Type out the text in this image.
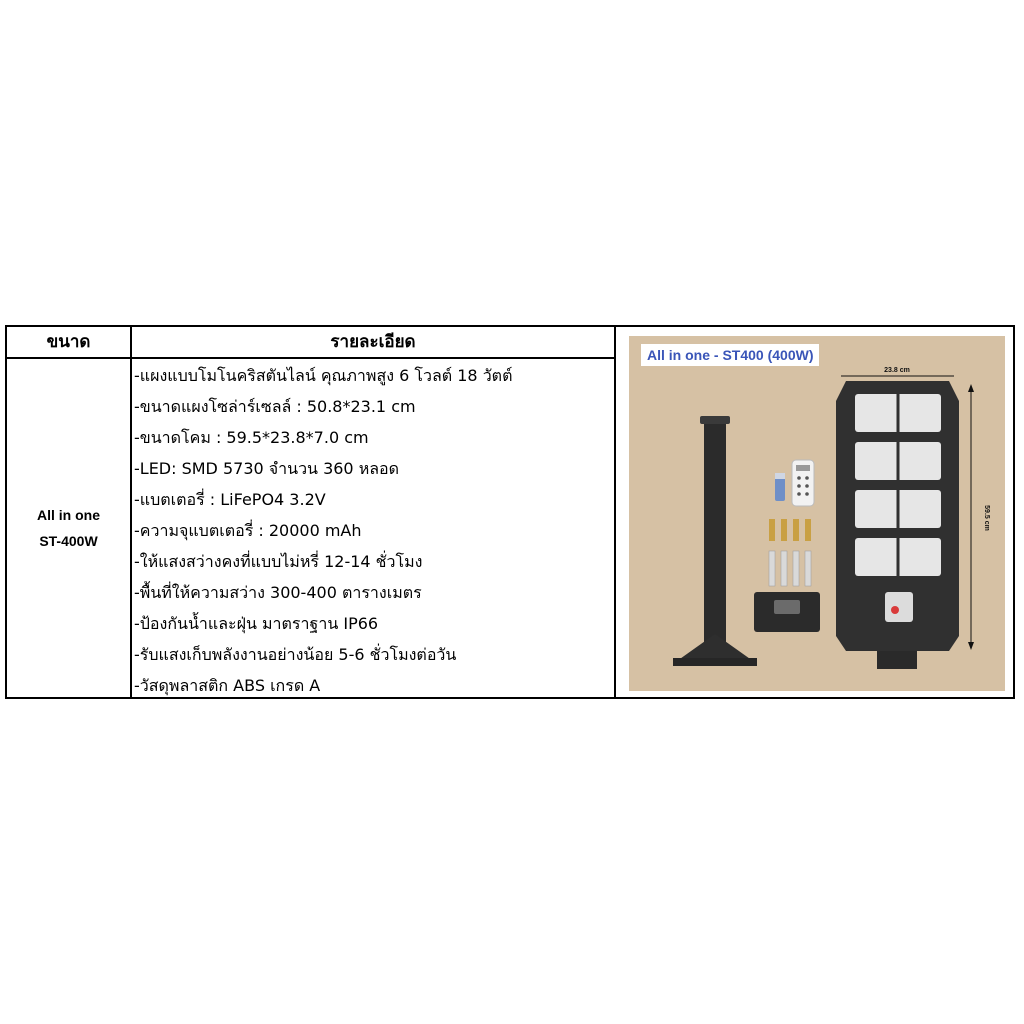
ขนาด	รายละเอียด
All in one
ST-400W
-แผงแบบโมโนคริสตันไลน์ คุณภาพสูง 6 โวลต์ 18 วัตต์
-ขนาดแผงโซล่าร์เซลล์ : 50.8*23.1 cm
-ขนาดโคม : 59.5*23.8*7.0 cm
-LED: SMD 5730 จำนวน 360 หลอด
-แบตเตอรี่ : LiFePO4 3.2V
-ความจุแบตเตอรี่ : 20000 mAh
-ให้แสงสว่างคงที่แบบไม่หรี่ 12-14 ชั่วโมง
-พื้นที่ให้ความสว่าง 300-400 ตารางเมตร
-ป้องกันน้ำและฝุ่น มาตราฐาน IP66
-รับแสงเก็บพลังงานอย่างน้อย 5-6 ชั่วโมงต่อวัน
-วัสดุพลาสติก ABS เกรด A
23.8 cm
59.5 cm
All in one - ST400 (400W)
